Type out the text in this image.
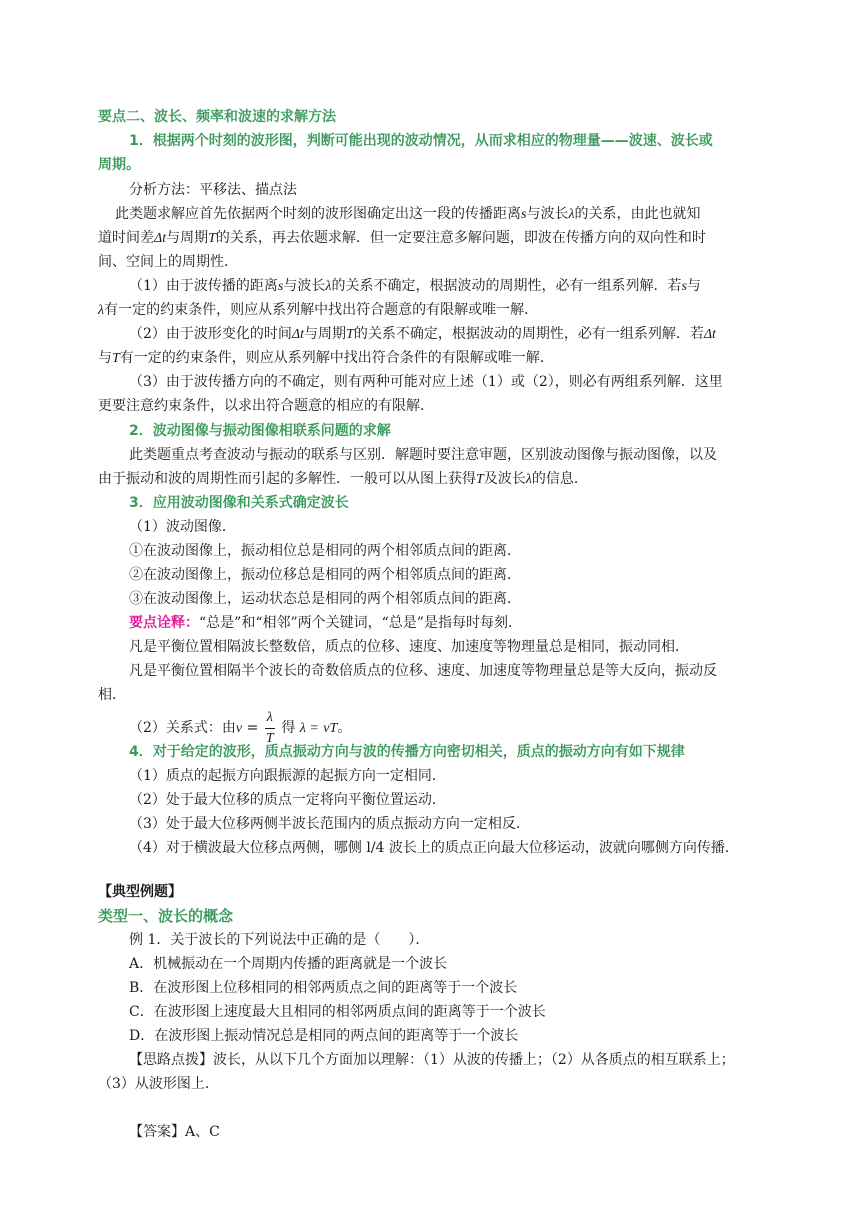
要点二、波长、频率和波速的求解方法
1．根据两个时刻的波形图，判断可能出现的波动情况，从而求相应的物理量——波速、波长或
周期。
分析方法：平移法、描点法
此类题求解应首先依据两个时刻的波形图确定出这一段的传播距离s与波长λ的关系，由此也就知
道时间差Δt与周期T的关系，再去依题求解．但一定要注意多解问题，即波在传播方向的双向性和时
间、空间上的周期性．
（1）由于波传播的距离s与波长λ的关系不确定，根据波动的周期性，必有一组系列解．若s与
λ有一定的约束条件，则应从系列解中找出符合题意的有限解或唯一解．
（2）由于波形变化的时间Δt与周期T的关系不确定，根据波动的周期性，必有一组系列解．若Δt
与T有一定的约束条件，则应从系列解中找出符合条件的有限解或唯一解．
（3）由于波传播方向的不确定，则有两种可能对应上述（1）或（2），则必有两组系列解．这里
更要注意约束条件，以求出符合题意的相应的有限解．
2．波动图像与振动图像相联系问题的求解
此类题重点考查波动与振动的联系与区别．解题时要注意审题，区别波动图像与振动图像，以及
由于振动和波的周期性而引起的多解性．一般可以从图上获得T及波长λ的信息．
3．应用波动图像和关系式确定波长
（1）波动图像．
①在波动图像上，振动相位总是相同的两个相邻质点间的距离．
②在波动图像上，振动位移总是相同的两个相邻质点间的距离．
③在波动图像上，运动状态总是相同的两个相邻质点间的距离．
要点诠释：“总是”和“相邻”两个关键词，“总是”是指每时每刻．
凡是平衡位置相隔波长整数倍，质点的位移、速度、加速度等物理量总是相同，振动同相．
凡是平衡位置相隔半个波长的奇数倍质点的位移、速度、加速度等物理量总是等大反向，振动反
相．
（2）关系式：由$v = \frac{\lambda}{T}$ 得 λ = vT。
4．对于给定的波形，质点振动方向与波的传播方向密切相关，质点的振动方向有如下规律
（1）质点的起振方向跟振源的起振方向一定相同．
（2）处于最大位移的质点一定将向平衡位置运动．
（3）处于最大位移两侧半波长范围内的质点振动方向一定相反．
（4）对于横波最大位移点两侧，哪侧 l/4 波长上的质点正向最大位移运动，波就向哪侧方向传播．
【典型例题】
类型一、波长的概念
例 1．关于波长的下列说法中正确的是（　　）．
A．机械振动在一个周期内传播的距离就是一个波长
B．在波形图上位移相同的相邻两质点之间的距离等于一个波长
C．在波形图上速度最大且相同的相邻两质点间的距离等于一个波长
D．在波形图上振动情况总是相同的两点间的距离等于一个波长
【思路点拨】波长，从以下几个方面加以理解：（1）从波的传播上；（2）从各质点的相互联系上；
（3）从波形图上．
【答案】A、C
